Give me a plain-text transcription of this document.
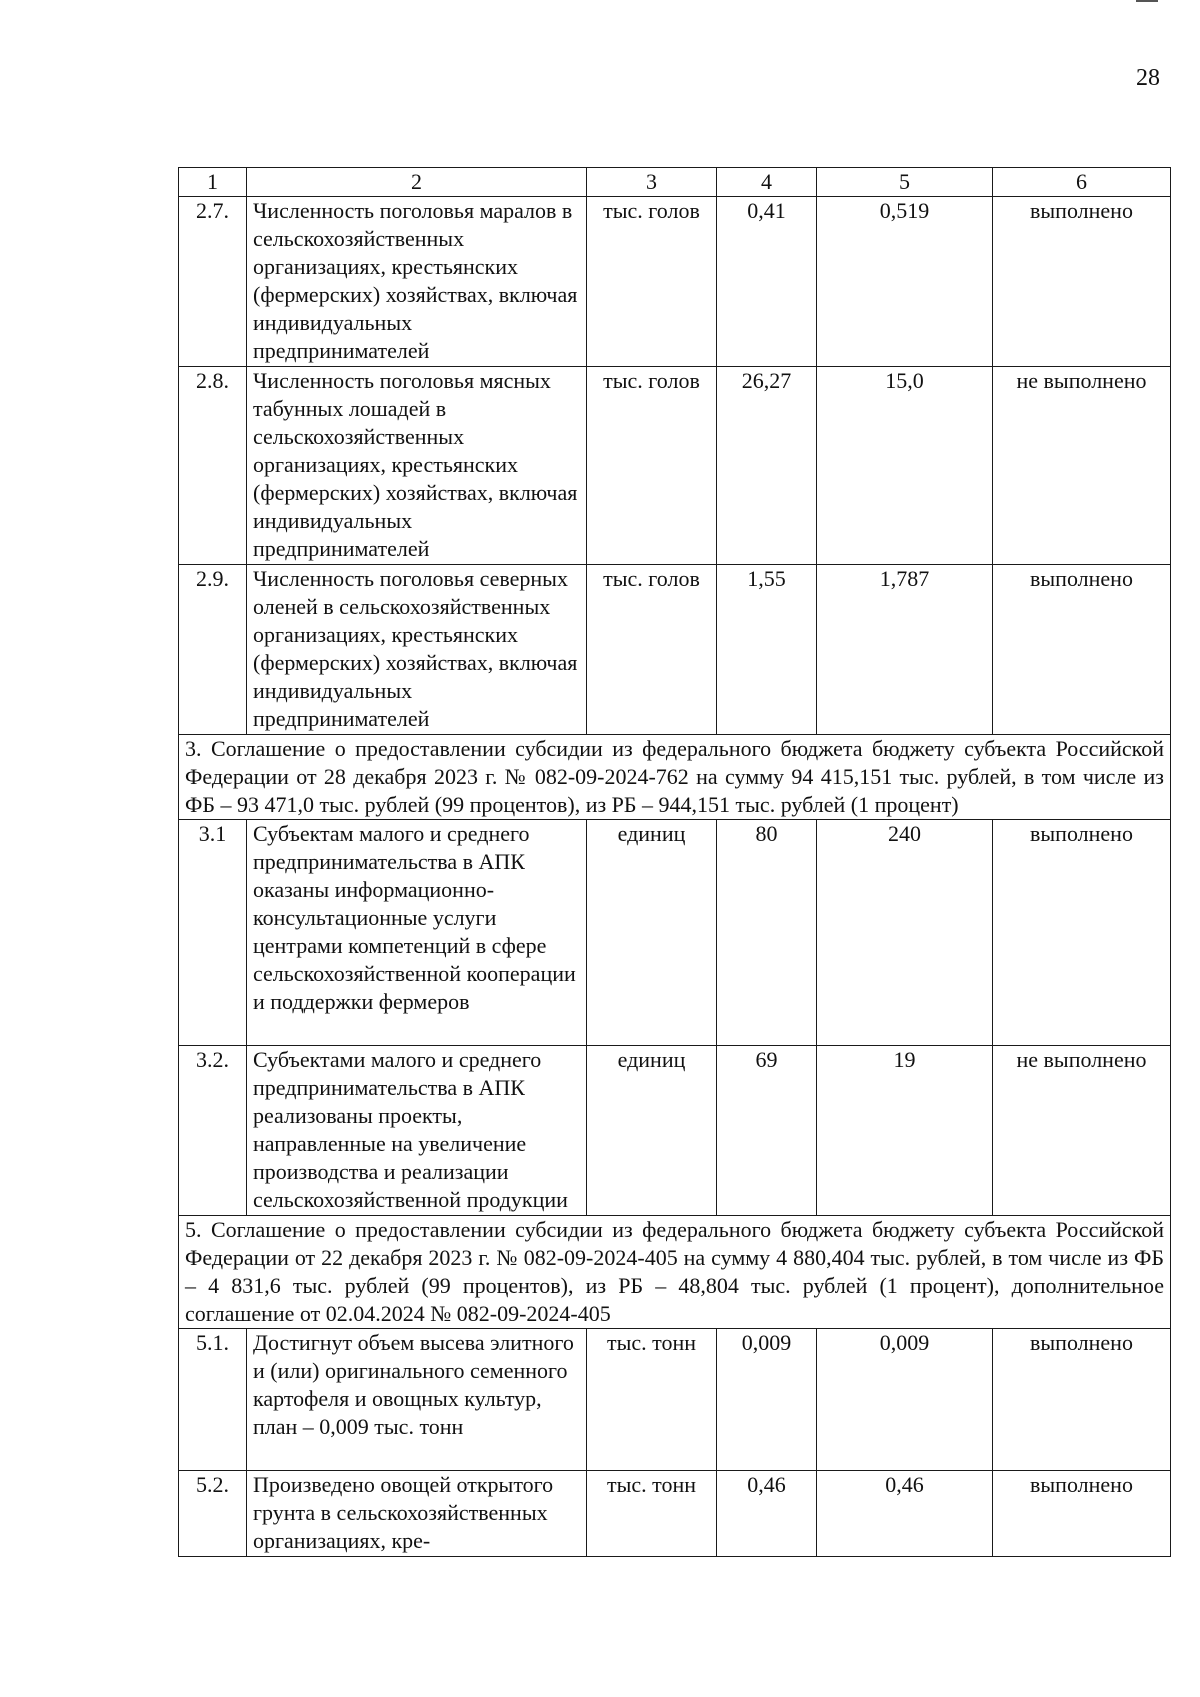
28
1	2	3	4	5	6
2.7.	Численность поголовья маралов в сельскохозяйственных организациях, крестьянских (фермерских) хозяйствах, включая индивидуальных предпринимателей	тыс. голов	0,41	0,519	выполнено
2.8.	Численность поголовья мясных табунных лошадей в сельскохозяйственных организациях, крестьянских (фермерских) хозяйствах, включая индивидуальных предпринимателей	тыс. голов	26,27	15,0	не выполнено
2.9.	Численность поголовья северных оленей в сельскохозяйственных организациях, крестьянских (фермерских) хозяйствах, включая индивидуальных предпринимателей	тыс. голов	1,55	1,787	выполнено
3. Соглашение о предоставлении субсидии из федерального бюджета бюджету субъекта Российской Федерации от 28 декабря 2023 г. № 082-09-2024-762 на сумму 94 415,151 тыс. рублей, в том числе из ФБ – 93 471,0 тыс. рублей (99 процентов), из РБ – 944,151 тыс. рублей (1 процент)					
3.1	Субъектам малого и среднего предпринимательства в АПК оказаны информационно-консультационные услуги центрами компетенций в сфере сельскохозяйственной кооперации и поддержки фермеров	единиц	80	240	выполнено
3.2.	Субъектами малого и среднего предпринимательства в АПК реализованы проекты, направленные на увеличение производства и реализации сельскохозяйственной продукции	единиц	69	19	не выполнено
5. Соглашение о предоставлении субсидии из федерального бюджета бюджету субъекта Российской Федерации от 22 декабря 2023 г. № 082-09-2024-405 на сумму 4 880,404 тыс. рублей, в том числе из ФБ – 4 831,6 тыс. рублей (99 процентов), из РБ – 48,804 тыс. рублей (1 процент), дополнительное соглашение от 02.04.2024 № 082-09-2024-405					
5.1.	Достигнут объем высева элитного и (или) оригинального семенного картофеля и овощных культур, план – 0,009 тыс. тонн	тыс. тонн	0,009	0,009	выполнено
5.2.	Произведено овощей открытого грунта в сельскохозяйственных организациях, кре-	тыс. тонн	0,46	0,46	выполнено
